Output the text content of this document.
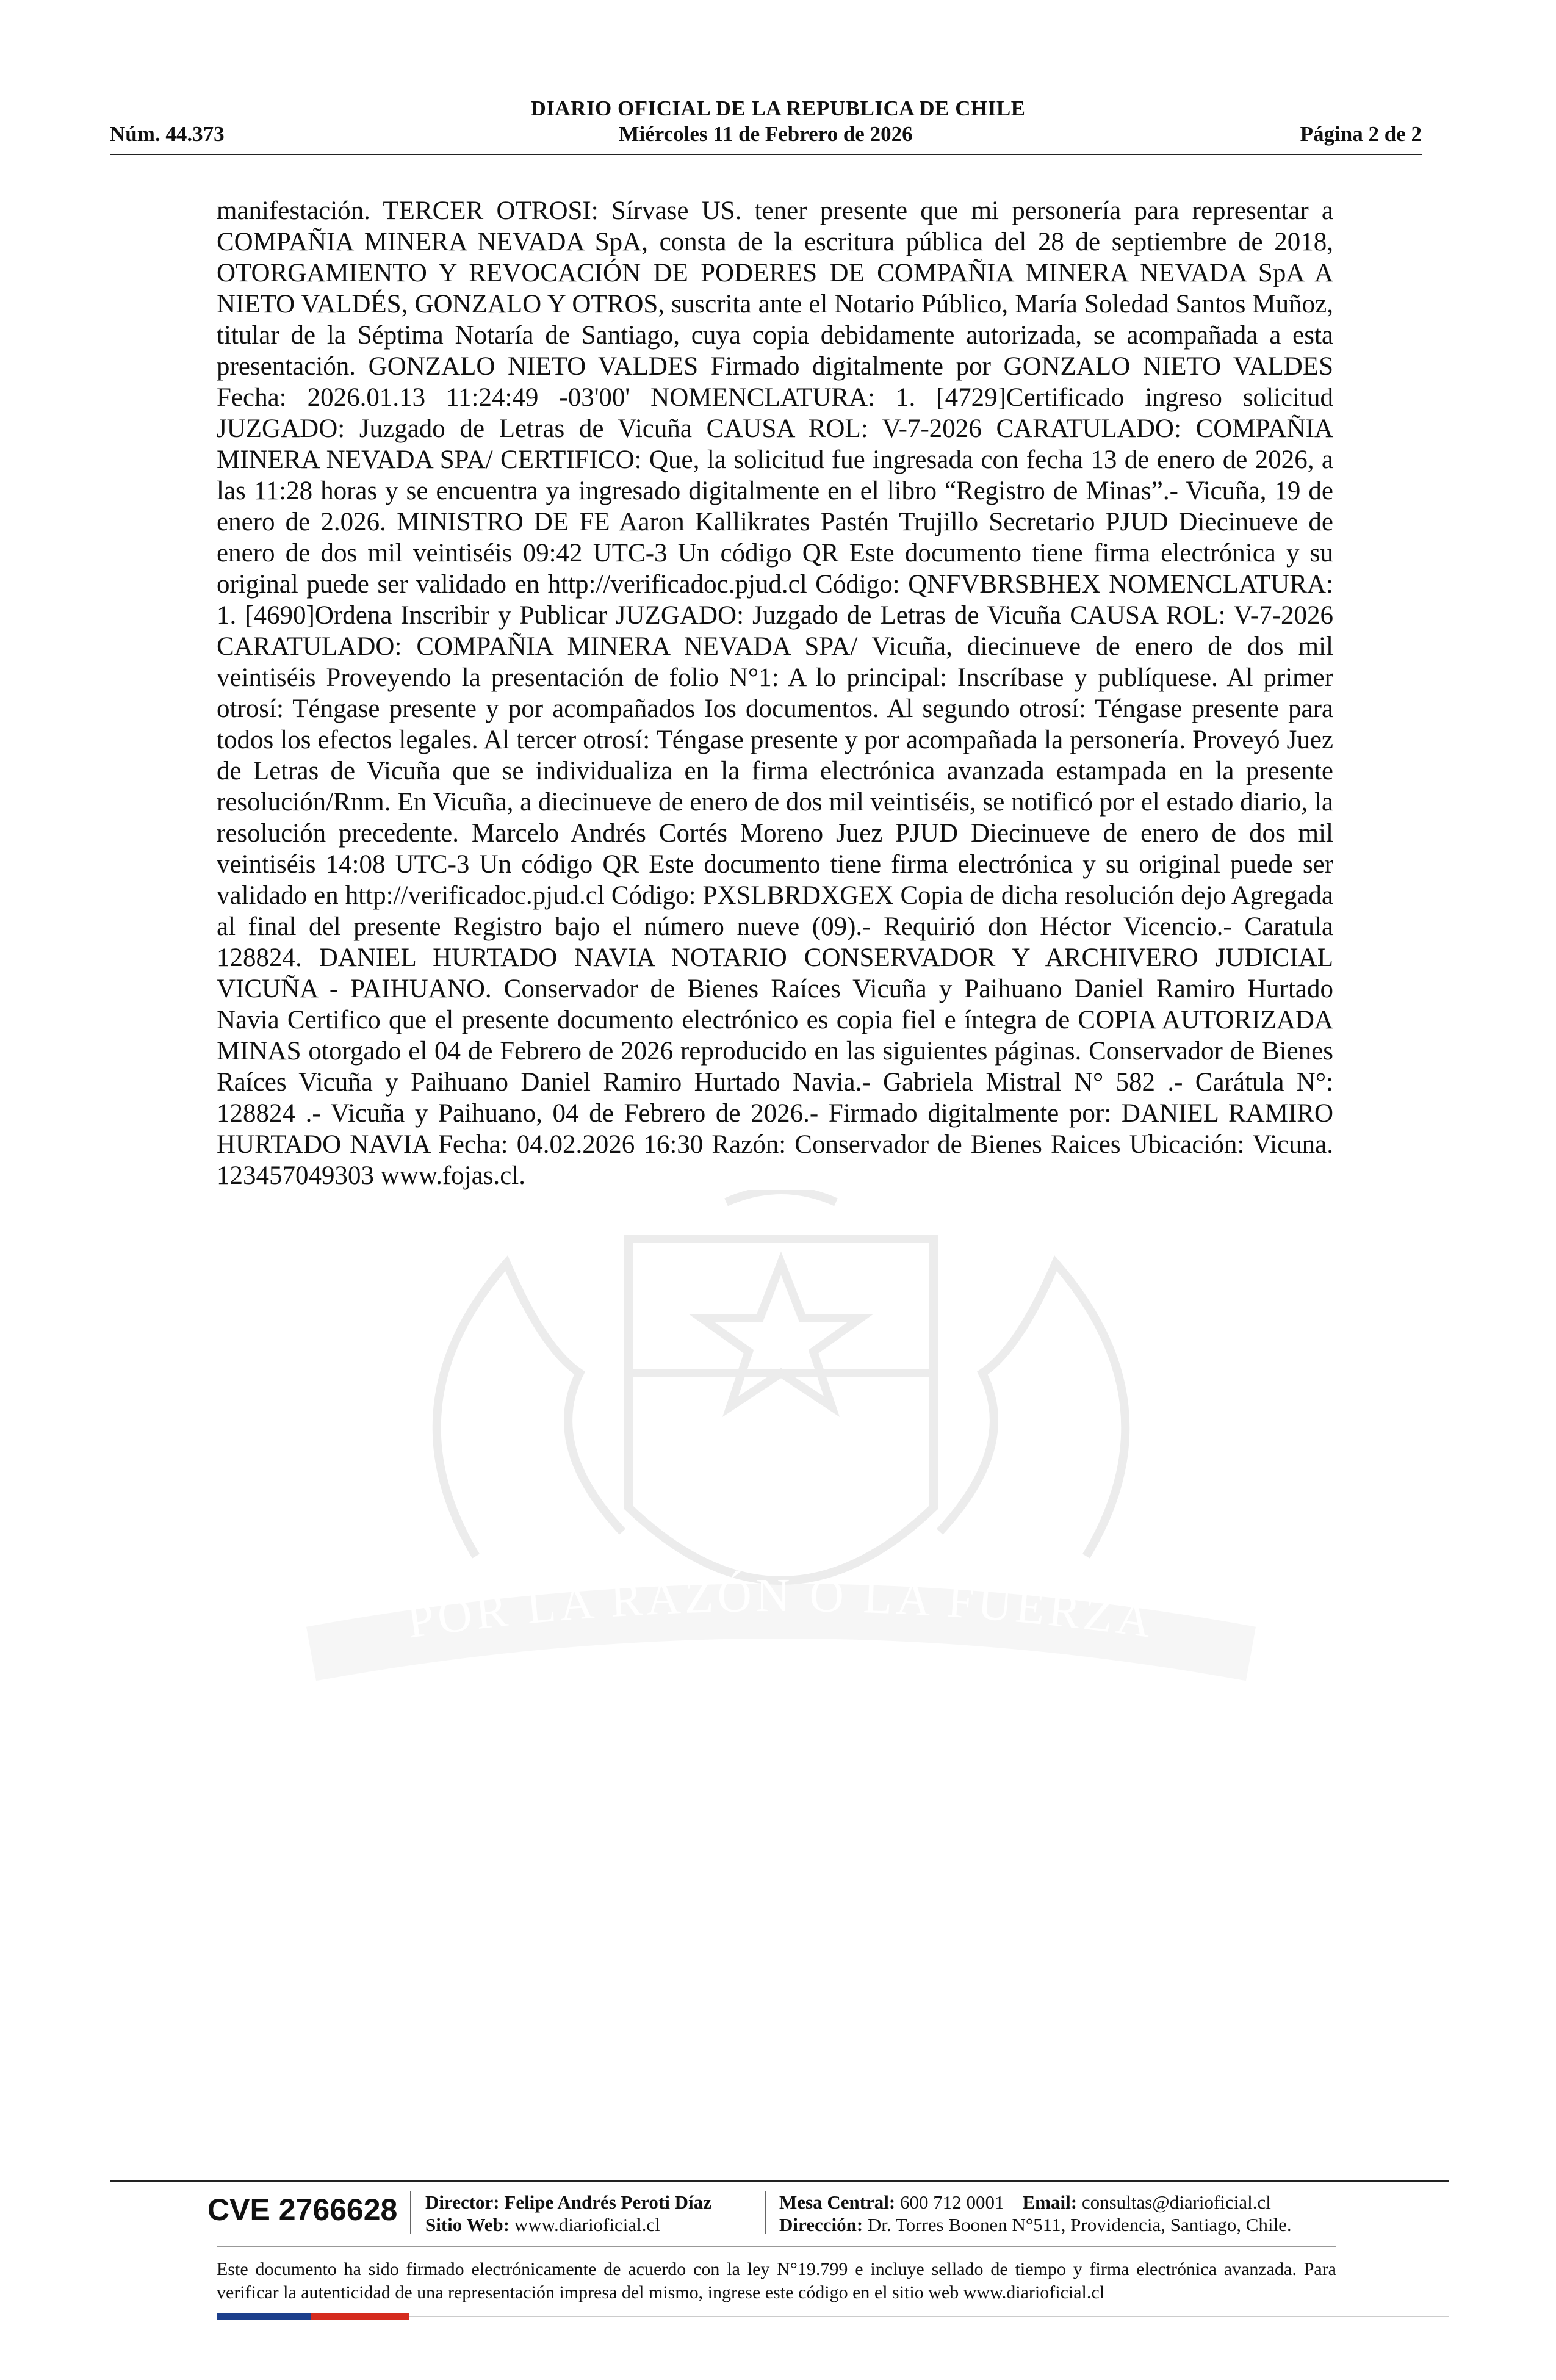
POR LA RAZÓN O LA FUERZA
DIARIO OFICIAL DE LA REPUBLICA DE CHILE
Núm. 44.373	Miércoles 11 de Febrero de 2026	Página 2 de 2
manifestación. TERCER OTROSI: Sírvase US. tener presente que mi personería para representar a COMPAÑIA MINERA NEVADA SpA, consta de la escritura pública del 28 de septiembre de 2018, OTORGAMIENTO Y REVOCACIÓN DE PODERES DE COMPAÑIA MINERA NEVADA SpA A NIETO VALDÉS, GONZALO Y OTROS, suscrita ante el Notario Público, María Soledad Santos Muñoz, titular de la Séptima Notaría de Santiago, cuya copia debidamente autorizada, se acompañada a esta presentación. GONZALO NIETO VALDES Firmado digitalmente por GONZALO NIETO VALDES Fecha: 2026.01.13 11:24:49 -03'00' NOMENCLATURA: 1. [4729]Certificado ingreso solicitud JUZGADO: Juzgado de Letras de Vicuña CAUSA ROL: V-7-2026 CARATULADO: COMPAÑIA MINERA NEVADA SPA/ CERTIFICO: Que, la solicitud fue ingresada con fecha 13 de enero de 2026, a las 11:28 horas y se encuentra ya ingresado digitalmente en el libro “Registro de Minas”.- Vicuña, 19 de enero de 2.026. MINISTRO DE FE Aaron Kallikrates Pastén Trujillo Secretario PJUD Diecinueve de enero de dos mil veintiséis 09:42 UTC-3 Un código QR Este documento tiene firma electrónica y su original puede ser validado en http://verificadoc.pjud.cl Código: QNFVBRSBHEX NOMENCLATURA: 1. [4690]Ordena Inscribir y Publicar JUZGADO: Juzgado de Letras de Vicuña CAUSA ROL: V-7-2026 CARATULADO: COMPAÑIA MINERA NEVADA SPA/ Vicuña, diecinueve de enero de dos mil veintiséis Proveyendo la presentación de folio N°1: A lo principal: Inscríbase y publíquese. Al primer otrosí: Téngase presente y por acompañados Ios documentos. Al segundo otrosí: Téngase presente para todos los efectos legales. Al tercer otrosí: Téngase presente y por acompañada la personería. Proveyó Juez de Letras de Vicuña que se individualiza en la firma electrónica avanzada estampada en la presente resolución/Rnm. En Vicuña, a diecinueve de enero de dos mil veintiséis, se notificó por el estado diario, la resolución precedente. Marcelo Andrés Cortés Moreno Juez PJUD Diecinueve de enero de dos mil veintiséis 14:08 UTC-3 Un código QR Este documento tiene firma electrónica y su original puede ser validado en http://verificadoc.pjud.cl Código: PXSLBRDXGEX Copia de dicha resolución dejo Agregada al final del presente Registro bajo el número nueve (09).- Requirió don Héctor Vicencio.- Caratula 128824. DANIEL HURTADO NAVIA NOTARIO CONSERVADOR Y ARCHIVERO JUDICIAL VICUÑA - PAIHUANO. Conservador de Bienes Raíces Vicuña y Paihuano Daniel Ramiro Hurtado Navia Certifico que el presente documento electrónico es copia fiel e íntegra de COPIA AUTORIZADA MINAS otorgado el 04 de Febrero de 2026 reproducido en las siguientes páginas. Conservador de Bienes Raíces Vicuña y Paihuano Daniel Ramiro Hurtado Navia.- Gabriela Mistral N° 582 .- Carátula N°: 128824 .- Vicuña y Paihuano, 04 de Febrero de 2026.- Firmado digitalmente por: DANIEL RAMIRO HURTADO NAVIA Fecha: 04.02.2026 16:30 Razón: Conservador de Bienes Raices Ubicación: Vicuna. 123457049303 www.fojas.cl.
CVE 2766628 Director: Felipe Andrés Peroti Díaz
Sitio Web: www.diarioficial.cl
Mesa Central: 600 712 0001 Email: consultas@diarioficial.cl
Dirección: Dr. Torres Boonen N°511, Providencia, Santiago, Chile.
Este documento ha sido firmado electrónicamente de acuerdo con la ley N°19.799 e incluye sellado de tiempo y firma electrónica avanzada. Para verificar la autenticidad de una representación impresa del mismo, ingrese este código en el sitio web www.diarioficial.cl
